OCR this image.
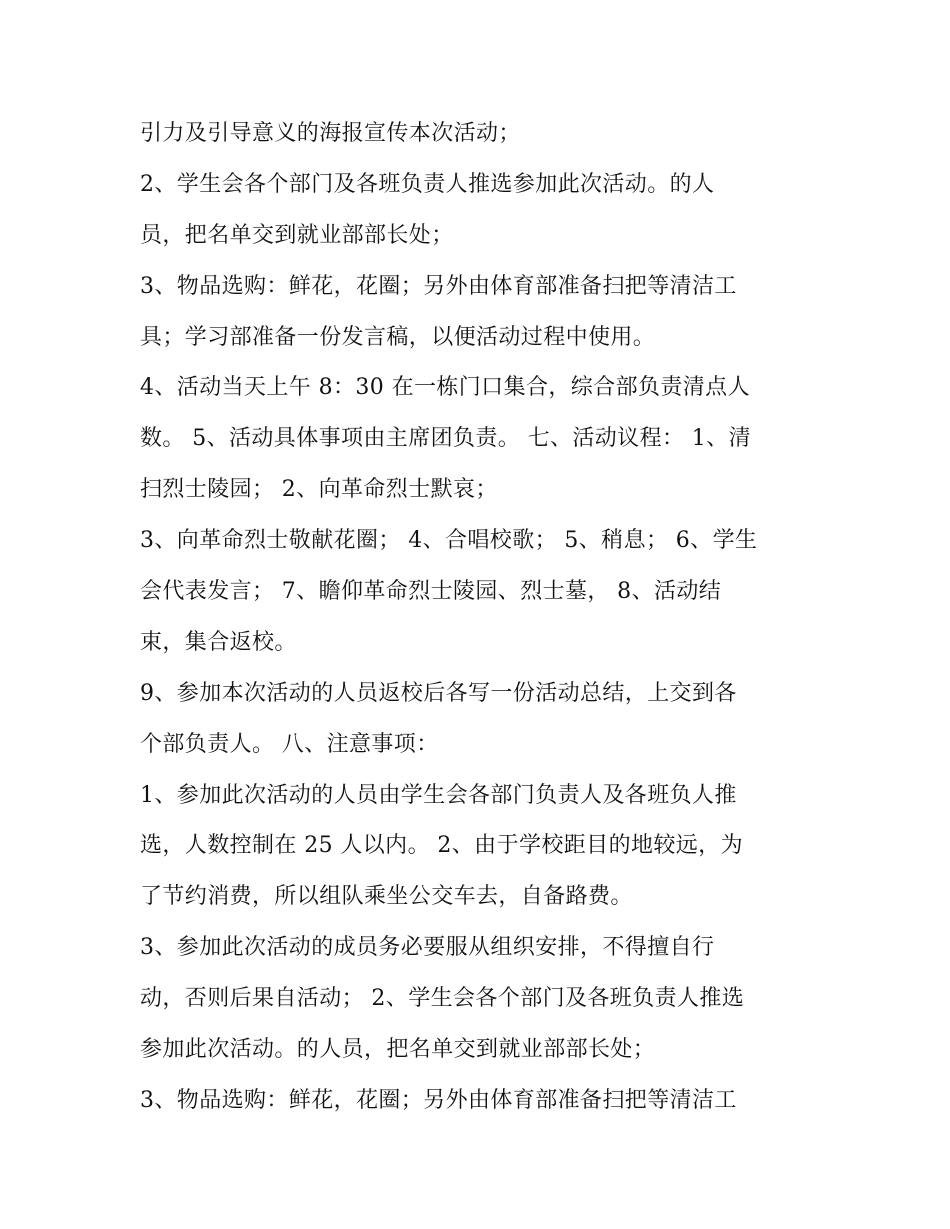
引力及引导意义的海报宣传本次活动；
2、学生会各个部门及各班负责人推选参加此次活动。的人
员，把名单交到就业部部长处；
3、物品选购：鲜花，花圈；另外由体育部准备扫把等清洁工
具；学习部准备一份发言稿，以便活动过程中使用。
4、活动当天上午 8：30 在一栋门口集合，综合部负责清点人
数。 5、活动具体事项由主席团负责。 七、活动议程： 1、清
扫烈士陵园； 2、向革命烈士默哀；
3、向革命烈士敬献花圈； 4、合唱校歌； 5、稍息； 6、学生
会代表发言； 7、瞻仰革命烈士陵园、烈士墓， 8、活动结
束，集合返校。
9、参加本次活动的人员返校后各写一份活动总结，上交到各
个部负责人。 八、注意事项：
1、参加此次活动的人员由学生会各部门负责人及各班负人推
选，人数控制在 25 人以内。 2、由于学校距目的地较远，为
了节约消费，所以组队乘坐公交车去，自备路费。
3、参加此次活动的成员务必要服从组织安排，不得擅自行
动，否则后果自活动； 2、学生会各个部门及各班负责人推选
参加此次活动。的人员，把名单交到就业部部长处；
3、物品选购：鲜花，花圈；另外由体育部准备扫把等清洁工
